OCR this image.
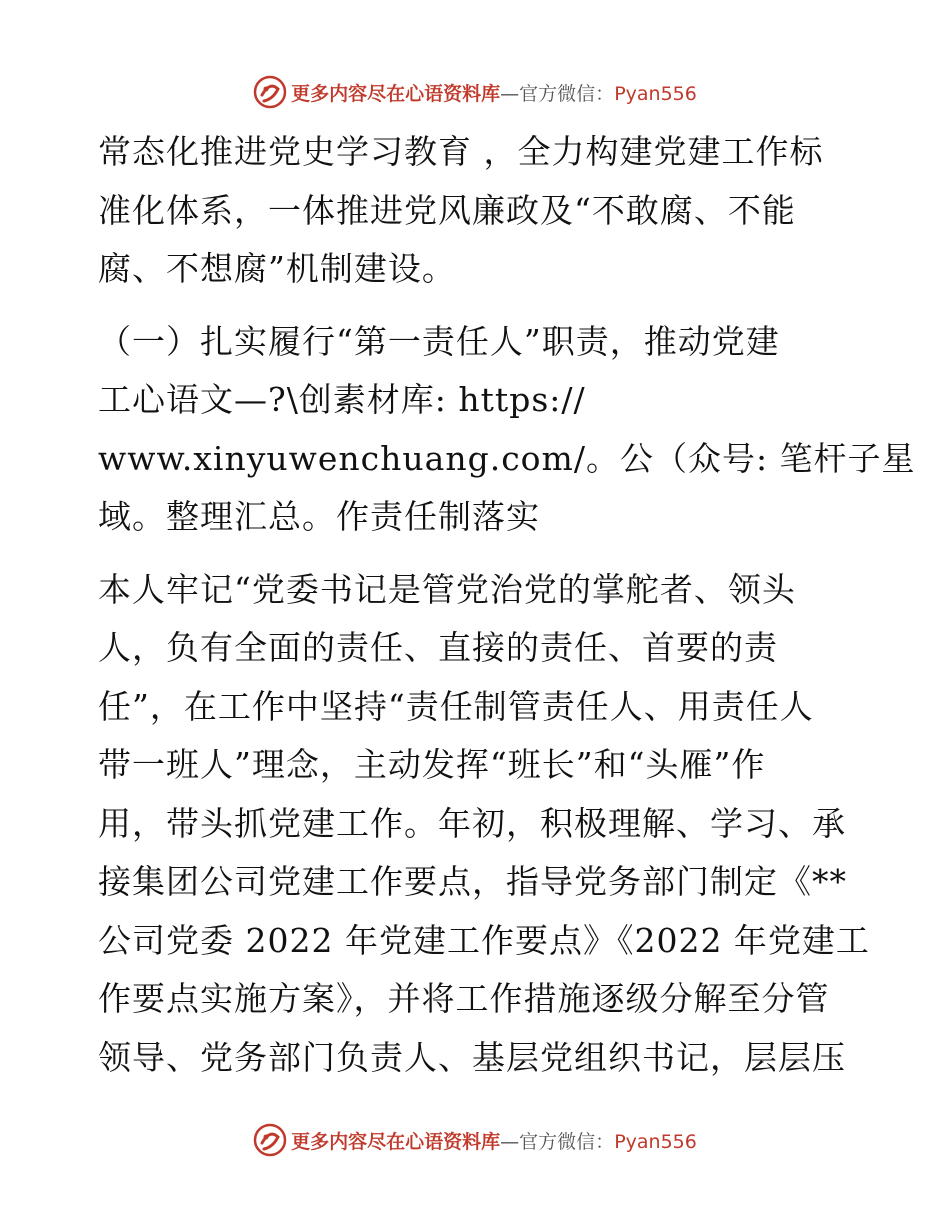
更多内容尽在心语资料库—官方微信：Pyan556
常态化推进党史学习教育 ，全力构建党建工作标
准化体系，一体推进党风廉政及“不敢腐、不能
腐、不想腐”机制建设。
（一）扎实履行“第一责任人”职责，推动党建
工心语文—?\创素材库: https://
www.xinyuwenchuang.com/。公（众号: 笔杆子星
域。整理汇总。作责任制落实
本人牢记“党委书记是管党治党的掌舵者、领头
人，负有全面的责任、直接的责任、首要的责
任”，在工作中坚持“责任制管责任人、用责任人
带一班人”理念，主动发挥“班长”和“头雁”作
用，带头抓党建工作。年初，积极理解、学习、承
接集团公司党建工作要点，指导党务部门制定《**
公司党委 2022 年党建工作要点》《2022 年党建工
作要点实施方案》，并将工作措施逐级分解至分管
领导、党务部门负责人、基层党组织书记，层层压
更多内容尽在心语资料库—官方微信：Pyan556
